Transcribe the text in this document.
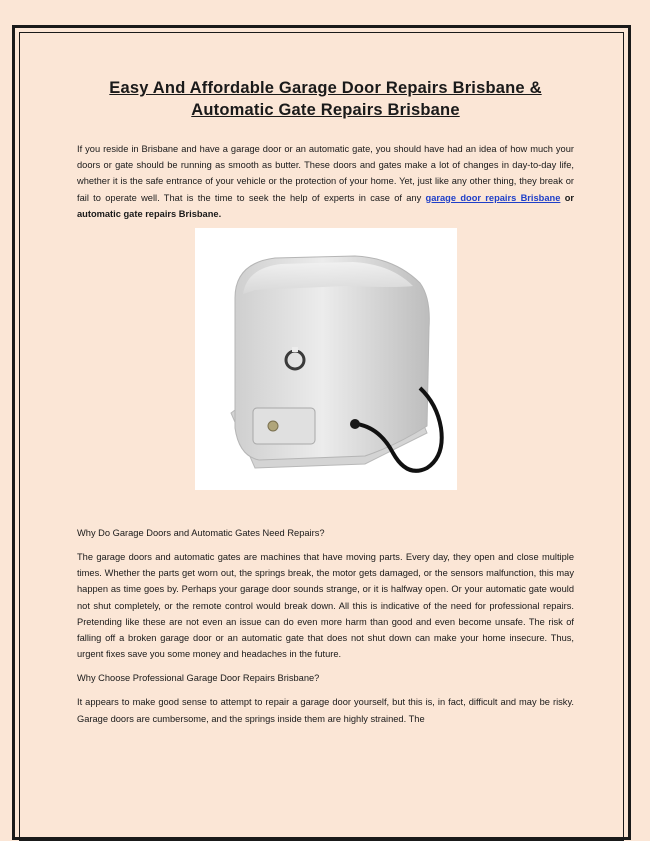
Easy And Affordable Garage Door Repairs Brisbane &
Automatic Gate Repairs Brisbane

If you reside in Brisbane and have a garage door or an automatic gate, you should have had an idea of how much your doors or gate should be running as smooth as butter. These doors and gates make a lot of changes in day-to-day life, whether it is the safe entrance of your vehicle or the protection of your home. Yet, just like any other thing, they break or fail to operate well. That is the time to seek the help of experts in case of any garage door repairs Brisbane or automatic gate repairs Brisbane.

Why Do Garage Doors and Automatic Gates Need Repairs?

The garage doors and automatic gates are machines that have moving parts. Every day, they open and close multiple times. Whether the parts get worn out, the springs break, the motor gets damaged, or the sensors malfunction, this may happen as time goes by. Perhaps your garage door sounds strange, or it is halfway open. Or your automatic gate would not shut completely, or the remote control would break down. All this is indicative of the need for professional repairs. Pretending like these are not even an issue can do even more harm than good and even become unsafe. The risk of falling off a broken garage door or an automatic gate that does not shut down can make your home insecure. Thus, urgent fixes save you some money and headaches in the future.

Why Choose Professional Garage Door Repairs Brisbane?

It appears to make good sense to attempt to repair a garage door yourself, but this is, in fact, difficult and may be risky. Garage doors are cumbersome, and the springs inside them are highly strained. The
